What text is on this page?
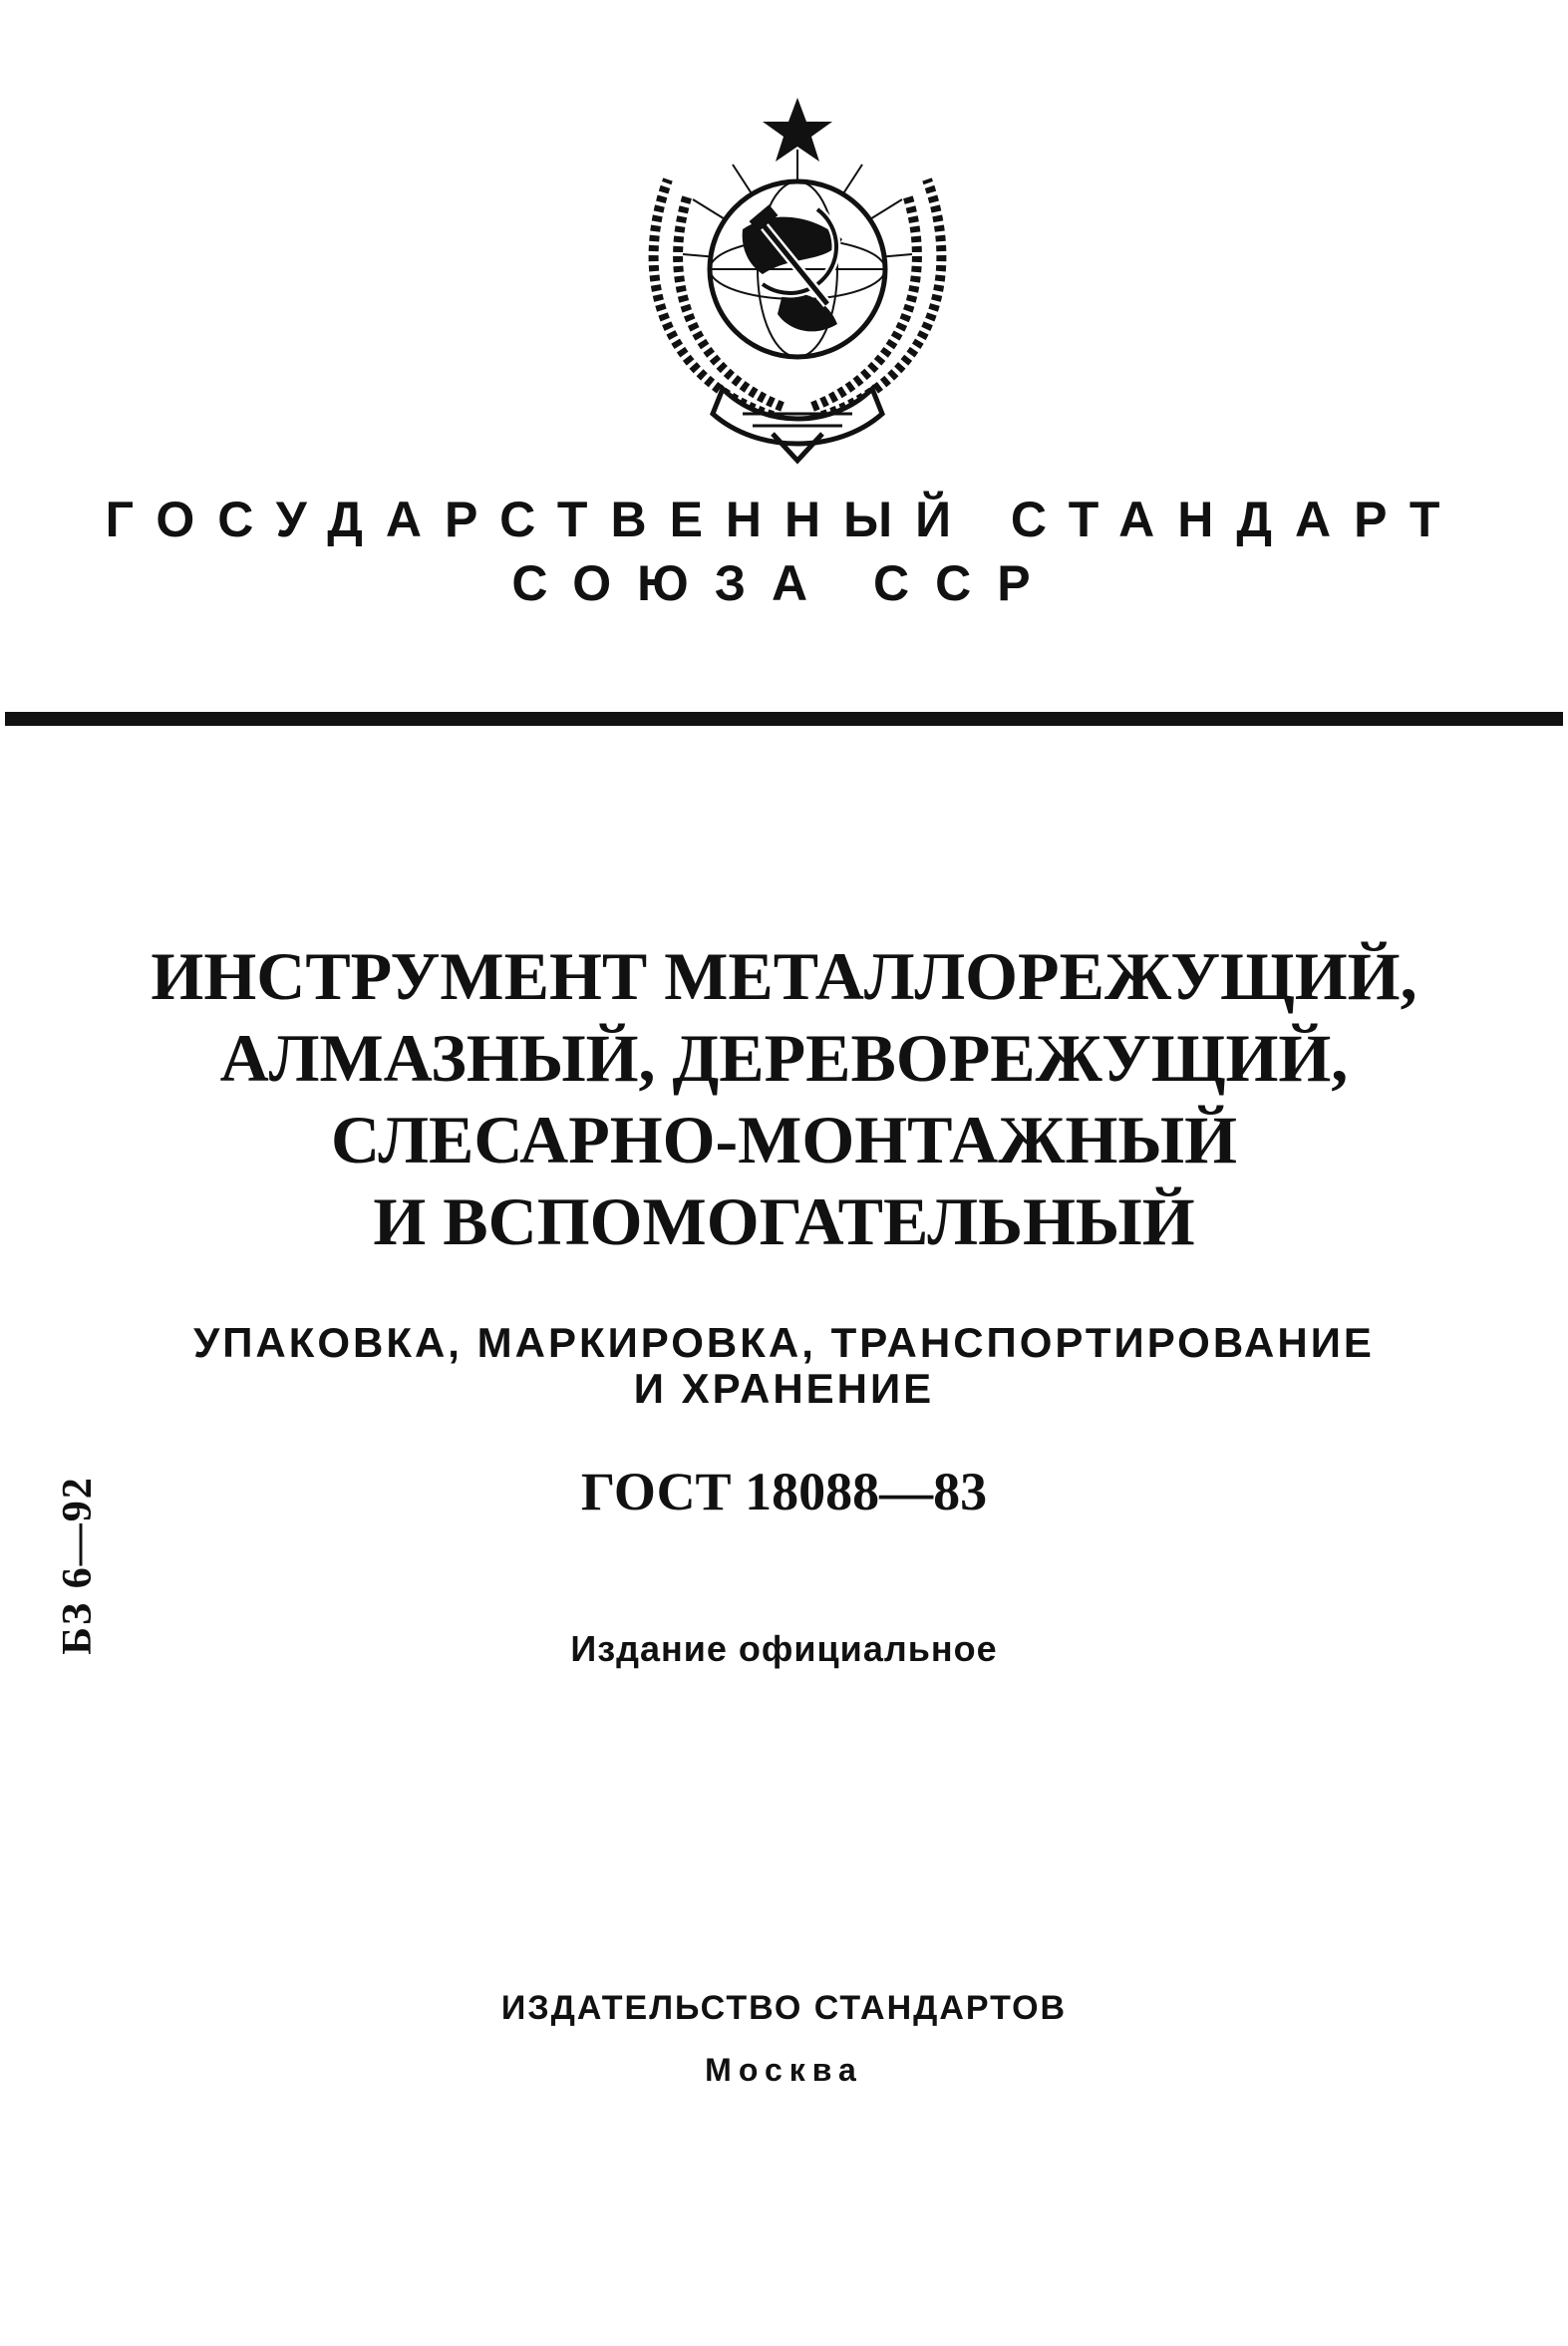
ГОСУДАРСТВЕННЫЙ СТАНДАРТ
СОЮЗА ССР
ИНСТРУМЕНТ МЕТАЛЛОРЕЖУЩИЙ,
АЛМАЗНЫЙ, ДЕРЕВОРЕЖУЩИЙ,
СЛЕСАРНО-МОНТАЖНЫЙ
И ВСПОМОГАТЕЛЬНЫЙ
УПАКОВКА, МАРКИРОВКА, ТРАНСПОРТИРОВАНИЕ
И ХРАНЕНИЕ
ГОСТ 18088—83
Издание официальное
БЗ 6—92
ИЗДАТЕЛЬСТВО СТАНДАРТОВ
Москва
